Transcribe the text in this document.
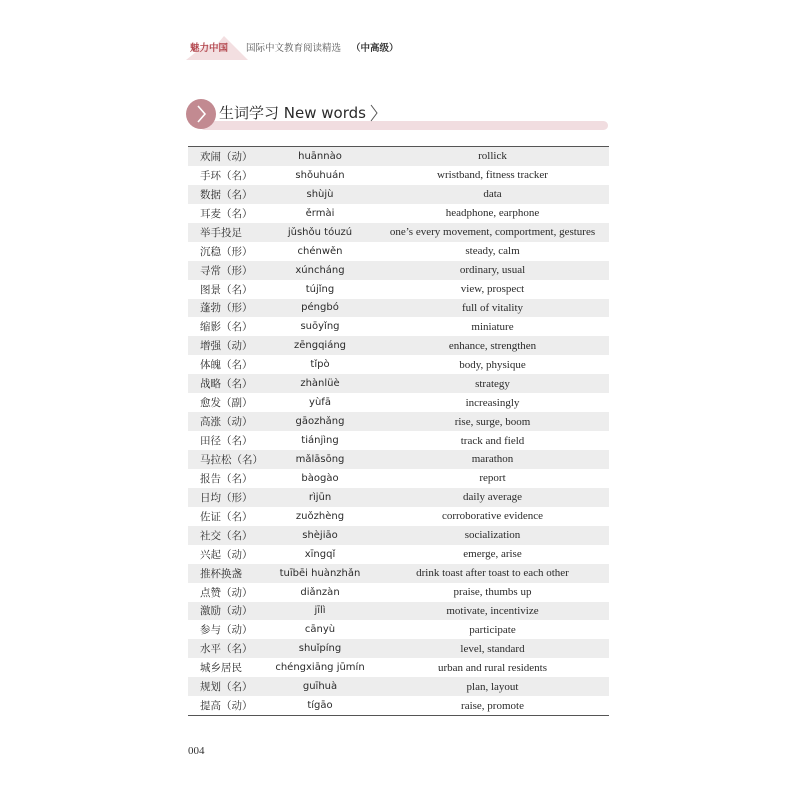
魅力中国 国际中文教育阅读精选 （中高级）
生词学习 New words
欢闹（动）	huānnào	rollick
手环（名）	shǒuhuán	wristband, fitness tracker
数据（名）	shùjù	data
耳麦（名）	ěrmài	headphone, earphone
举手投足	jǔshǒu tóuzú	one’s every movement, comportment, gestures
沉稳（形）	chénwěn	steady, calm
寻常（形）	xúncháng	ordinary, usual
图景（名）	tújǐng	view, prospect
蓬勃（形）	péngbó	full of vitality
缩影（名）	suōyǐng	miniature
增强（动）	zēngqiáng	enhance, strengthen
体魄（名）	tǐpò	body, physique
战略（名）	zhànlüè	strategy
愈发（副）	yùfā	increasingly
高涨（动）	gāozhǎng	rise, surge, boom
田径（名）	tiánjìng	track and field
马拉松（名）	mǎlāsōng	marathon
报告（名）	bàogào	report
日均（形）	rìjūn	daily average
佐证（名）	zuǒzhèng	corroborative evidence
社交（名）	shèjiāo	socialization
兴起（动）	xīngqǐ	emerge, arise
推杯换盏	tuībēi huànzhǎn	drink toast after toast to each other
点赞（动）	diǎnzàn	praise, thumbs up
激励（动）	jīlì	motivate, incentivize
参与（动）	cānyù	participate
水平（名）	shuǐpíng	level, standard
城乡居民	chéngxiāng jūmín	urban and rural residents
规划（名）	guīhuà	plan, layout
提高（动）	tígāo	raise, promote
004
